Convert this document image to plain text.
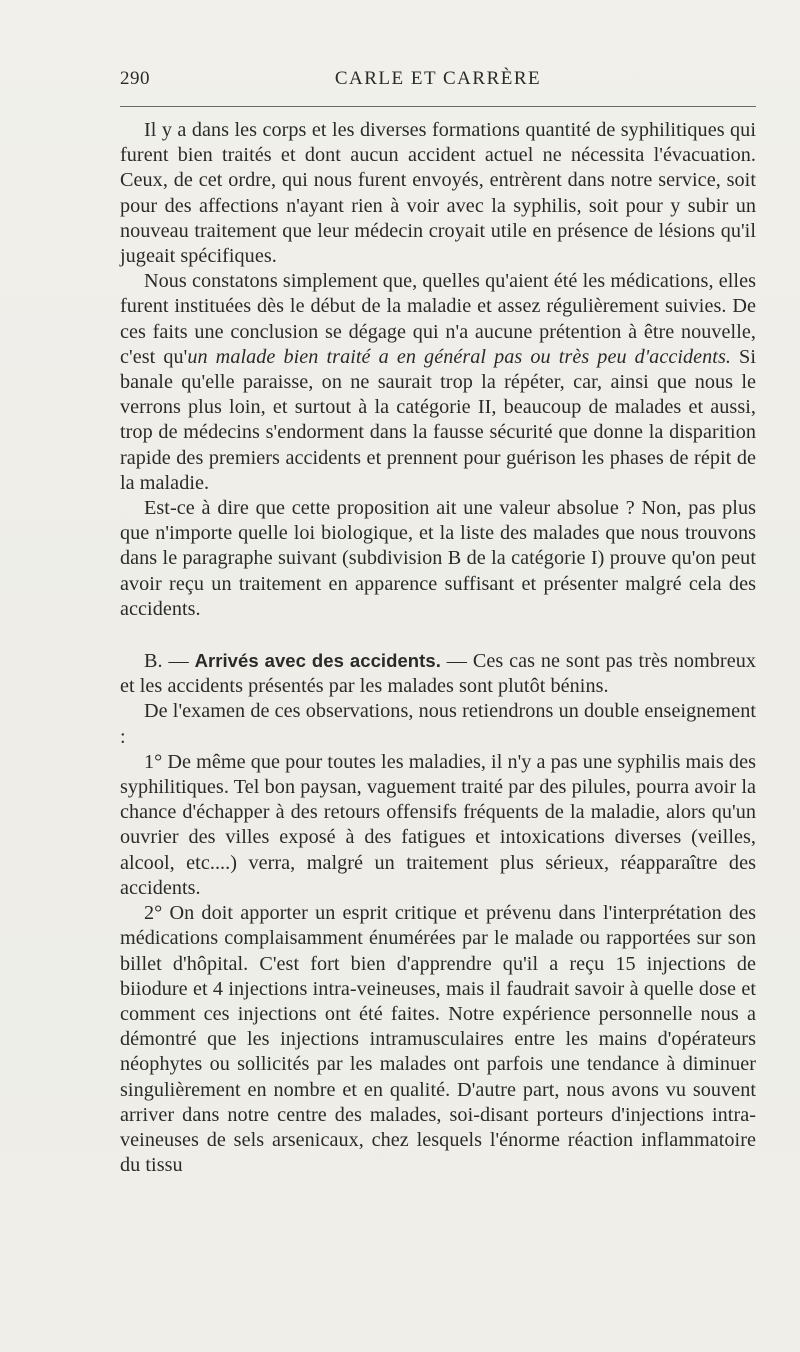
290	CARLE ET CARRÈRE

Il y a dans les corps et les diverses formations quantité de syphilitiques qui furent bien traités et dont aucun accident actuel ne nécessita l'évacuation. Ceux, de cet ordre, qui nous furent envoyés, entrèrent dans notre service, soit pour des affections n'ayant rien à voir avec la syphilis, soit pour y subir un nouveau traitement que leur médecin croyait utile en présence de lésions qu'il jugeait spécifiques.

Nous constatons simplement que, quelles qu'aient été les médications, elles furent instituées dès le début de la maladie et assez régulièrement suivies. De ces faits une conclusion se dégage qui n'a aucune prétention à être nouvelle, c'est qu'un malade bien traité a en général pas ou très peu d'accidents. Si banale qu'elle paraisse, on ne saurait trop la répéter, car, ainsi que nous le verrons plus loin, et surtout à la catégorie II, beaucoup de malades et aussi, trop de médecins s'endorment dans la fausse sécurité que donne la disparition rapide des premiers accidents et prennent pour guérison les phases de répit de la maladie.

Est-ce à dire que cette proposition ait une valeur absolue ? Non, pas plus que n'importe quelle loi biologique, et la liste des malades que nous trouvons dans le paragraphe suivant (subdivision B de la catégorie I) prouve qu'on peut avoir reçu un traitement en apparence suffisant et présenter malgré cela des accidents.

B. — Arrivés avec des accidents. — Ces cas ne sont pas très nombreux et les accidents présentés par les malades sont plutôt bénins.

De l'examen de ces observations, nous retiendrons un double enseignement :

1° De même que pour toutes les maladies, il n'y a pas une syphilis mais des syphilitiques. Tel bon paysan, vaguement traité par des pilules, pourra avoir la chance d'échapper à des retours offensifs fréquents de la maladie, alors qu'un ouvrier des villes exposé à des fatigues et intoxications diverses (veilles, alcool, etc....) verra, malgré un traitement plus sérieux, réapparaître des accidents.

2° On doit apporter un esprit critique et prévenu dans l'interprétation des médications complaisamment énumérées par le malade ou rapportées sur son billet d'hôpital. C'est fort bien d'apprendre qu'il a reçu 15 injections de biiodure et 4 injections intra-veineuses, mais il faudrait savoir à quelle dose et comment ces injections ont été faites. Notre expérience personnelle nous a démontré que les injections intramusculaires entre les mains d'opérateurs néophytes ou sollicités par les malades ont parfois une tendance à diminuer singulièrement en nombre et en qualité. D'autre part, nous avons vu souvent arriver dans notre centre des malades, soi-disant porteurs d'injections intra-veineuses de sels arsenicaux, chez lesquels l'énorme réaction inflammatoire du tissu
